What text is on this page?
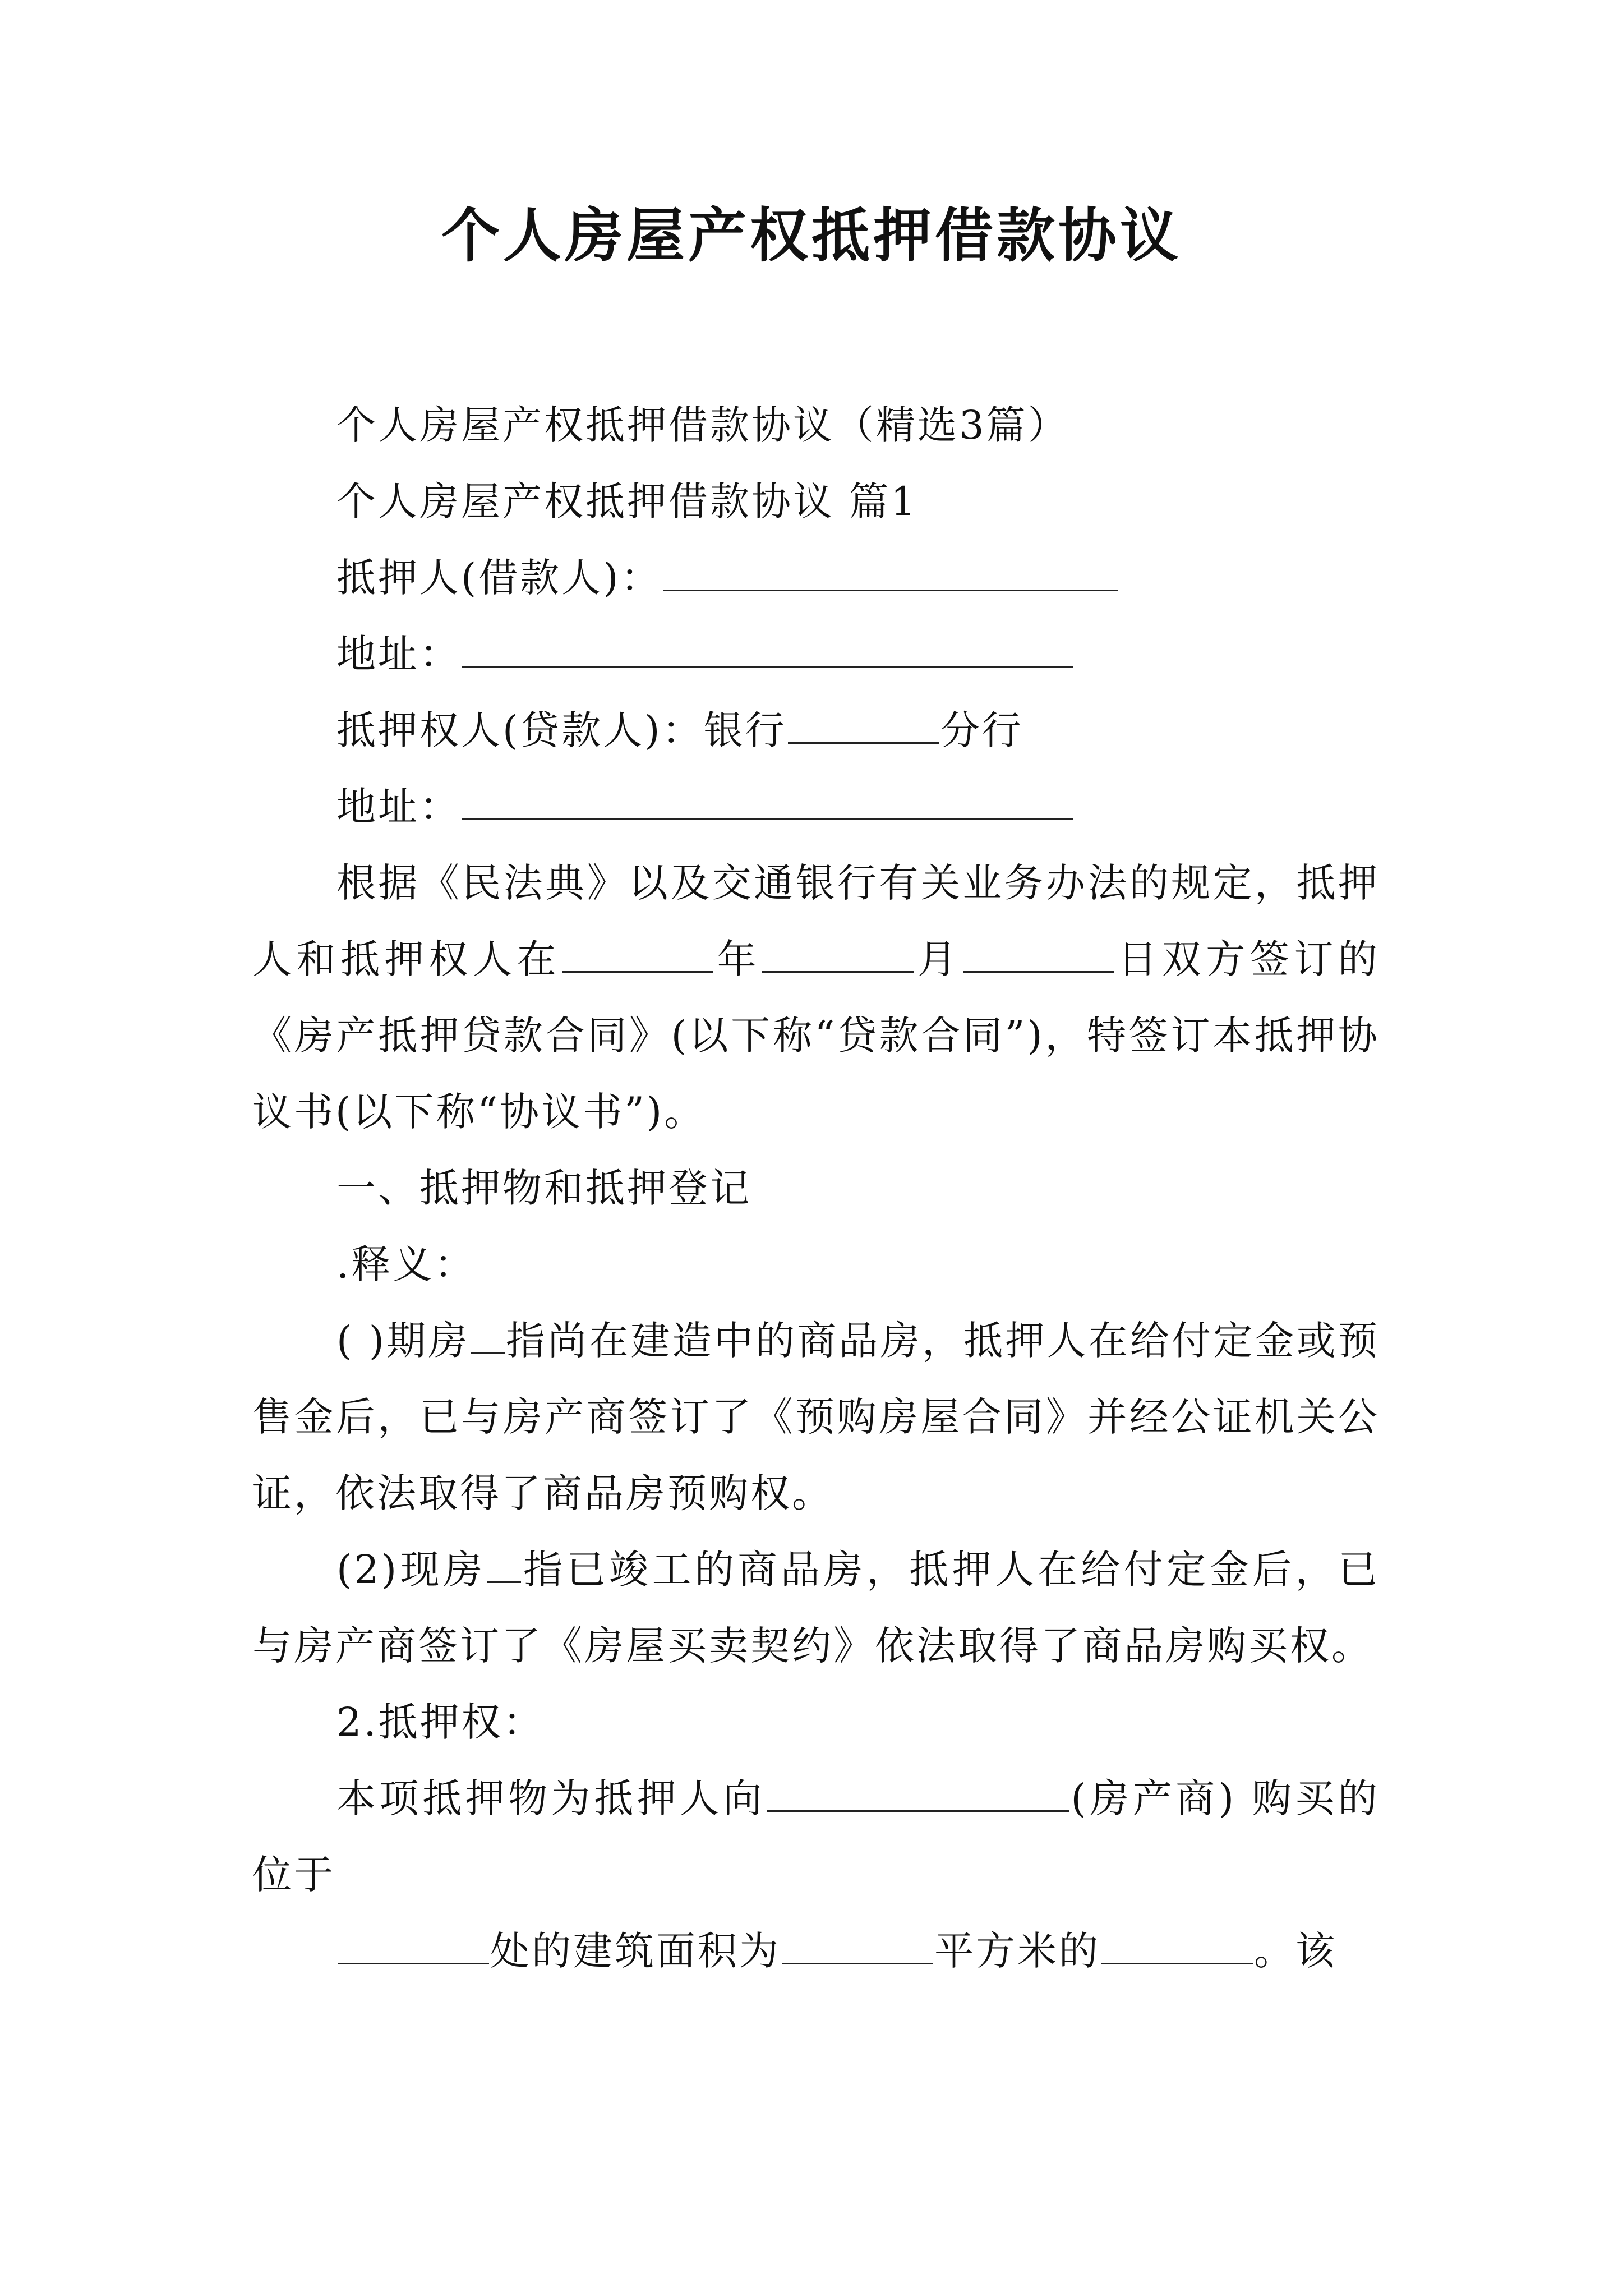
个人房屋产权抵押借款协议

个人房屋产权抵押借款协议（精选3篇）

个人房屋产权抵押借款协议 篇1

抵押人(借款人)：

地址：

抵押权人(贷款人)：银行	分行

地址：

根据《民法典》以及交通银行有关业务办法的规定，抵押人和抵押权人在	年	月	日双方签订的《房产抵押贷款合同》(以下称“贷款合同”)，特签订本抵押协议书(以下称“协议书”)。

一、抵押物和抵押登记

.释义：

( )期房 指尚在建造中的商品房，抵押人在给付定金或预售金后，已与房产商签订了《预购房屋合同》并经公证机关公证，依法取得了商品房预购权。

(2)现房 指已竣工的商品房，抵押人在给付定金后，已与房产商签订了《房屋买卖契约》依法取得了商品房购买权。

2.抵押权：

本项抵押物为抵押人向	(房产商) 购买的位于

处的建筑面积为	平方米的	。该
